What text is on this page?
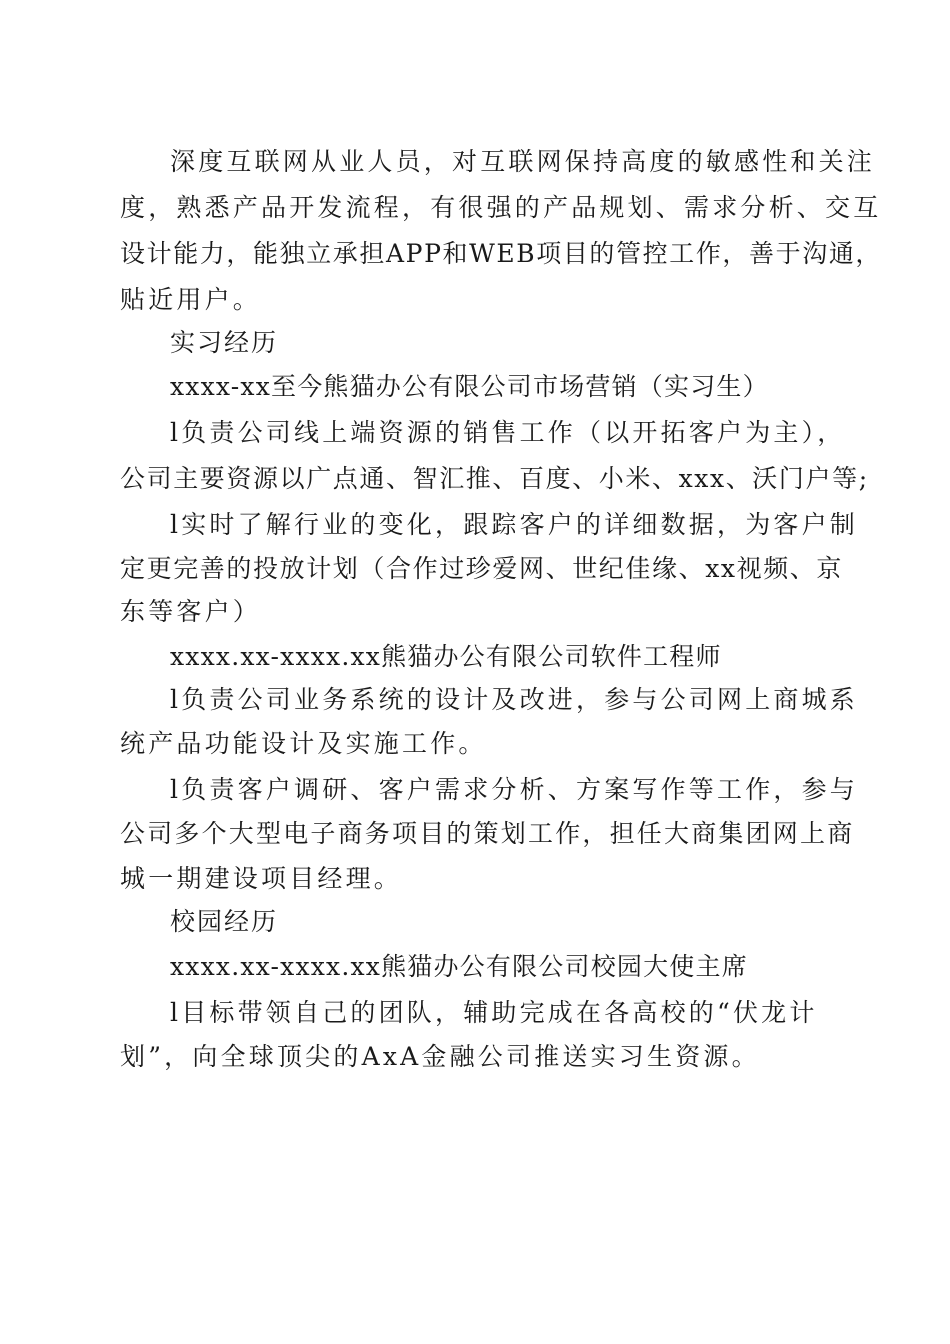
深度互联网从业人员，对互联网保持高度的敏感性和关注
度，熟悉产品开发流程，有很强的产品规划、需求分析、交互
设计能力，能独立承担APP和WEB项目的管控工作，善于沟通，
贴近用户。
实习经历
xxxx-xx至今熊猫办公有限公司市场营销（实习生）
l负责公司线上端资源的销售工作（以开拓客户为主），
公司主要资源以广点通、智汇推、百度、小米、xxx、沃门户等;
l实时了解行业的变化，跟踪客户的详细数据，为客户制
定更完善的投放计划（合作过珍爱网、世纪佳缘、xx视频、京
东等客户）
xxxx.xx-xxxx.xx熊猫办公有限公司软件工程师
l负责公司业务系统的设计及改进，参与公司网上商城系
统产品功能设计及实施工作。
l负责客户调研、客户需求分析、方案写作等工作，参与
公司多个大型电子商务项目的策划工作，担任大商集团网上商
城一期建设项目经理。
校园经历
xxxx.xx-xxxx.xx熊猫办公有限公司校园大使主席
l目标带领自己的团队，辅助完成在各高校的“伏龙计
划”，向全球顶尖的AxA金融公司推送实习生资源。
